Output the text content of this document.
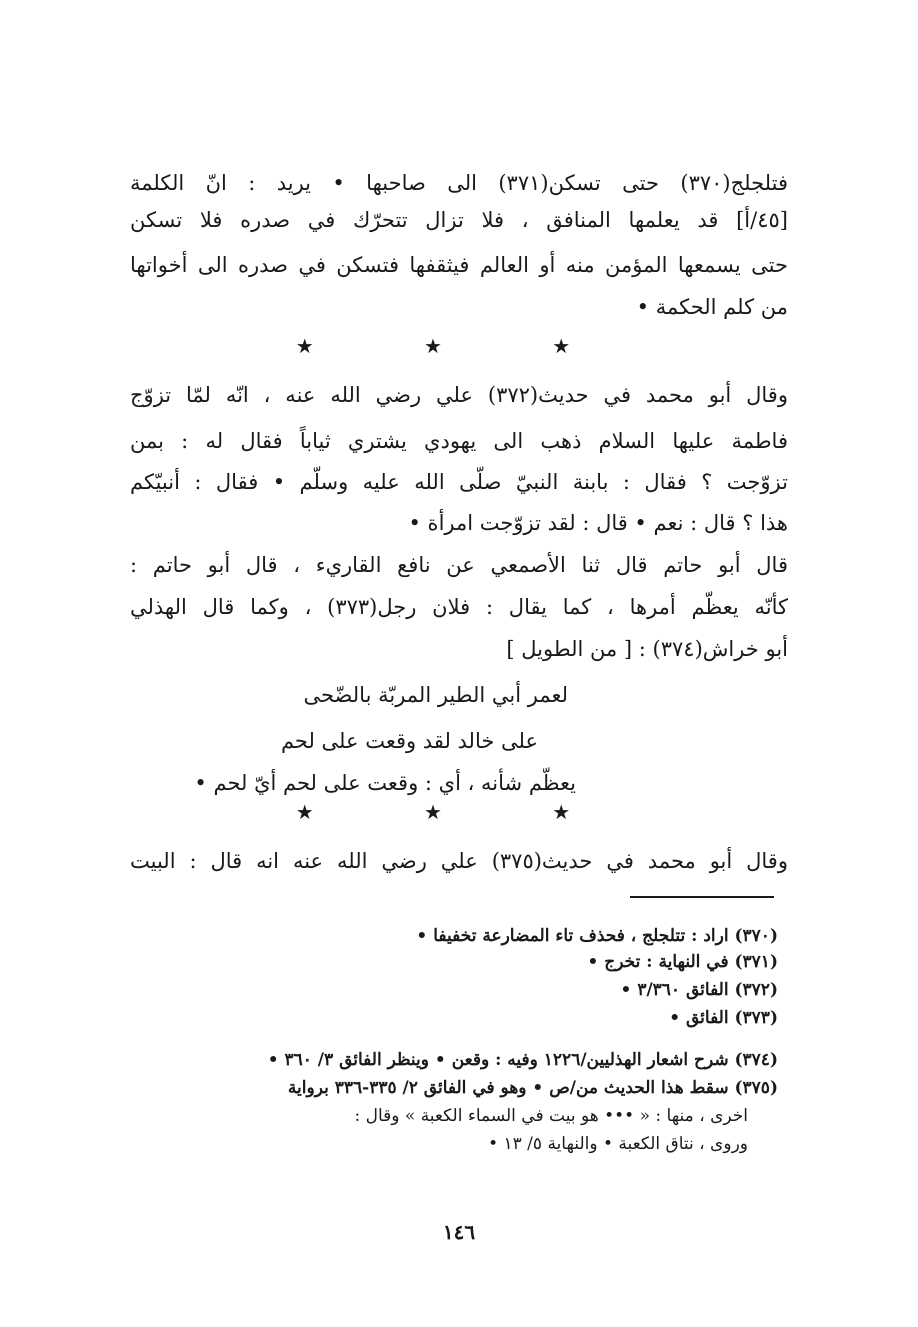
فتلجلج(٣٧٠) حتى تسكن(٣٧١) الى صاحبها • يريد : انّ الكلمة
[٤٥/أ] قد يعلمها المنافق ، فلا تزال تتحرّك في صدره فلا تسكن
حتى يسمعها المؤمن منه أو العالم فيثقفها فتسكن في صدره الى أخواتها
من كلم الحكمة •
★ ★ ★
وقال أبو محمد في حديث(٣٧٢) علي رضي الله عنه ، انّه لمّا تزوّج
فاطمة عليها السلام ذهب الى يهودي يشتري ثياباً فقال له : بمن
تزوّجت ؟ فقال : بابنة النبيّ صلّى الله عليه وسلّم • فقال : أنبيّكم
هذا ؟ قال : نعم • قال : لقد تزوّجت امرأة •
قال أبو حاتم قال ثنا الأصمعي عن نافع القاريء ، قال أبو حاتم :
كأنّه يعظّم أمرها ، كما يقال : فلان رجل(٣٧٣) ، وكما قال الهذلي
أبو خراش(٣٧٤) : [ من الطويل ]
لعمر أبي الطير المربّة بالضّحى
على خالد لقد وقعت على لحم
يعظّم شأنه ، أي : وقعت على لحم أيّ لحم •
★ ★ ★
وقال أبو محمد في حديث(٣٧٥) علي رضي الله عنه انه قال : البيت
(٣٧٠) اراد : تتلجلج ، فحذف تاء المضارعة تخفيفا •
(٣٧١) في النهاية : تخرج •
(٣٧٢) الفائق ٣/٣٦٠ •
(٣٧٣) الفائق •
(٣٧٤) شرح اشعار الهذليين/١٢٢٦ وفيه : وقعن • وينظر الفائق ٣/ ٣٦٠ •
(٣٧٥) سقط هذا الحديث من/ص • وهو في الفائق ٢/ ٣٣٥-٣٣٦ برواية
اخرى ، منها : « ••• هو بيت في السماء الكعبة » وقال :
وروى ، نتاق الكعبة • والنهاية ٥/ ١٣ •
١٤٦
